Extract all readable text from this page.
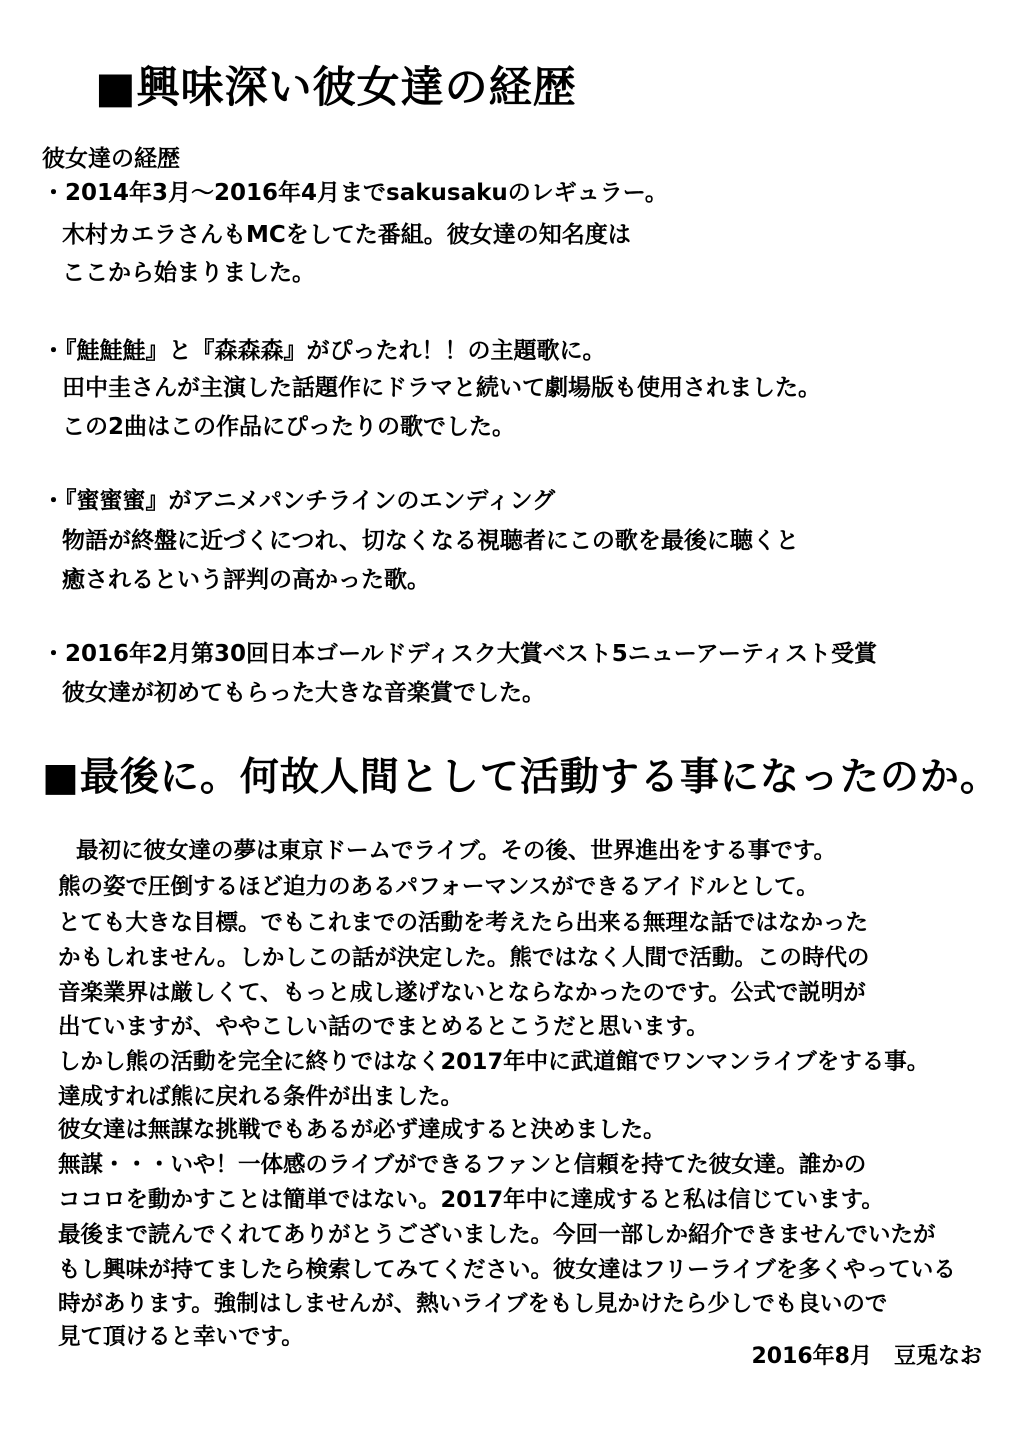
■興味深い彼女達の経歴

彼女達の経歴

・2014年3月～2016年4月までsakusakuのレギュラー。

木村カエラさんもMCをしてた番組。彼女達の知名度は

ここから始まりました。

・『鮭鮭鮭』と『森森森』がぴったれ！！の主題歌に。

田中圭さんが主演した話題作にドラマと続いて劇場版も使用されました。

この2曲はこの作品にぴったりの歌でした。

・『蜜蜜蜜』がアニメパンチラインのエンディング

物語が終盤に近づくにつれ、切なくなる視聴者にこの歌を最後に聴くと

癒されるという評判の高かった歌。

・2016年2月第30回日本ゴールドディスク大賞ベスト5ニューアーティスト受賞

彼女達が初めてもらった大きな音楽賞でした。

■最後に。何故人間として活動する事になったのか。

最初に彼女達の夢は東京ドームでライブ。その後、世界進出をする事です。

熊の姿で圧倒するほど迫力のあるパフォーマンスができるアイドルとして。

とても大きな目標。でもこれまでの活動を考えたら出来る無理な話ではなかった

かもしれません。しかしこの話が決定した。熊ではなく人間で活動。この時代の

音楽業界は厳しくて、もっと成し遂げないとならなかったのです。公式で説明が

出ていますが、ややこしい話のでまとめるとこうだと思います。

しかし熊の活動を完全に終りではなく2017年中に武道館でワンマンライブをする事。

達成すれば熊に戻れる条件が出ました。

彼女達は無謀な挑戦でもあるが必ず達成すると決めました。

無謀・・・いや！一体感のライブができるファンと信頼を持てた彼女達。誰かの

ココロを動かすことは簡単ではない。2017年中に達成すると私は信じています。

最後まで読んでくれてありがとうございました。今回一部しか紹介できませんでいたが

もし興味が持てましたら検索してみてください。彼女達はフリーライブを多くやっている

時があります。強制はしませんが、熱いライブをもし見かけたら少しでも良いので

見て頂けると幸いです。

2016年8月　豆兎なお
